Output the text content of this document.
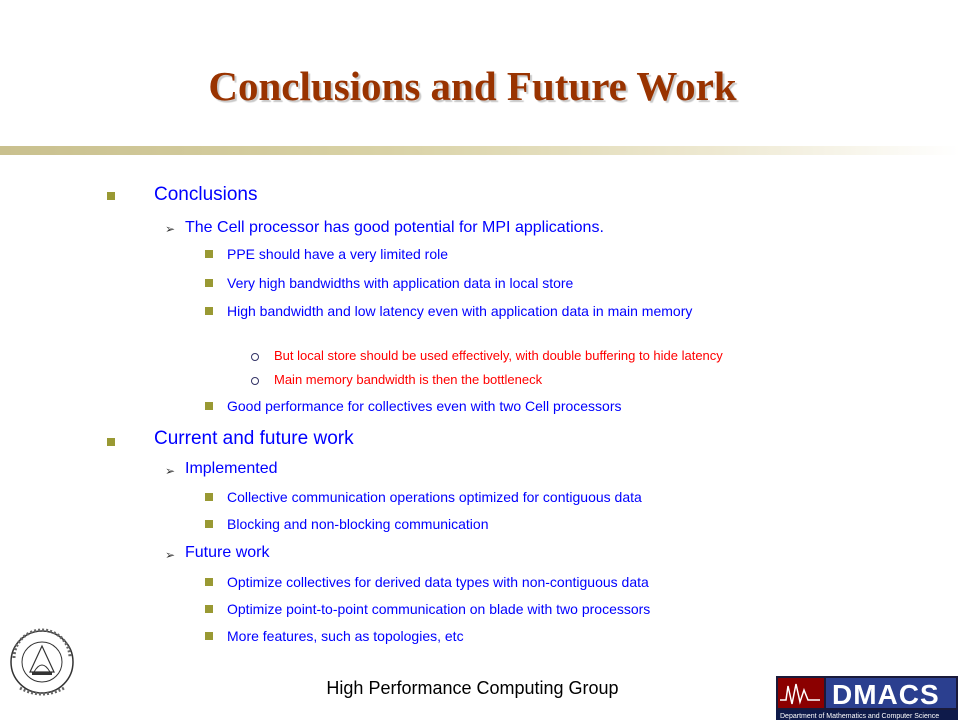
Conclusions and Future Work
Conclusions
➢ The Cell processor has good potential for MPI applications.
PPE should have a very limited role
Very high bandwidths with application data in local store
High bandwidth and low latency even with application data in main memory
But local store should be used effectively, with double buffering to hide latency
Main memory bandwidth is then the bottleneck
Good performance for collectives even with two Cell processors
Current and future work
➢ Implemented
Collective communication operations optimized for contiguous data
Blocking and non-blocking communication
➢ Future work
Optimize collectives for derived data types with non-contiguous data
Optimize point-to-point communication on blade with two processors
More features, such as topologies, etc
DMACS
Department of Mathematics and Computer Science
High Performance Computing Group
